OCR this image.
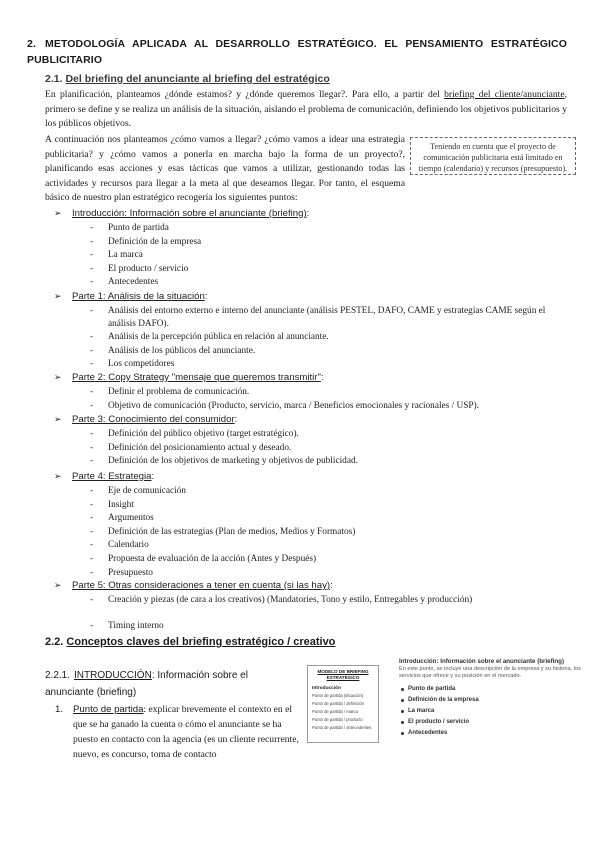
2. METODOLOGÍA APLICADA AL DESARROLLO ESTRATÉGICO. EL PENSAMIENTO ESTRATÉGICO PUBLICITARIO
2.1. Del briefing del anunciante al briefing del estratégico
En planificación, planteamos ¿dónde estamos? y ¿dónde queremos llegar?. Para ello, a partir del briefing del cliente/anunciante, primero se define y se realiza un análisis de la situación, aislando el problema de comunicación, definiendo los objetivos publicitarios y los públicos objetivos.
A continuación nos planteamos ¿cómo vamos a llegar? ¿cómo vamos a idear una estrategia publicitaria? y ¿cómo vamos a ponerla en marcha bajo la forma de un proyecto?, planificando esas acciones y esas tácticas que vamos a utilizar, gestionando todas las actividades y recursos para llegar a la meta al que deseamos llegar. Por tanto, el esquema básico de nuestro plan estratégico recogería los siguientes puntos:
Teniendo en cuenta que el proyecto de comunicación publicitaria está limitado en tiempo (calendario) y recursos (presupuesto).
➢ Introducción: Información sobre el anunciante (briefing):
- Punto de partida
- Definición de la empresa
- La marca
- El producto / servicio
- Antecedentes
➢ Parte 1: Análisis de la situación:
- Análisis del entorno externo e interno del anunciante (análisis PESTEL, DAFO, CAME y estrategias CAME según el análisis DAFO).
- Análisis de la percepción pública en relación al anunciante.
- Análisis de los públicos del anunciante.
- Los competidores
➢ Parte 2: Copy Strategy "mensaje que queremos transmitir":
- Definir el problema de comunicación.
- Objetivo de comunicación (Producto, servicio, marca / Beneficios emocionales y racionales / USP).
➢ Parte 3: Conocimiento del consumidor:
- Definición del público objetivo (target estratégico).
- Definición del posicionamiento actual y deseado.
- Definición de los objetivos de marketing y objetivos de publicidad.
➢ Parte 4: Estrategia:
- Eje de comunicación
- Insight
- Argumentos
- Definición de las estrategias (Plan de medios, Medios y Formatos)
- Calendario
- Propuesta de evaluación de la acción (Antes y Después)
- Presupuesto
➢ Parte 5: Otras consideraciones a tener en cuenta (si las hay):
- Creación y piezas (de cara a los creativos) (Mandatories, Tono y estilo, Entregables y producción)
- Timing interno
2.2. Conceptos claves del briefing estratégico / creativo
2.2.1. INTRODUCCIÓN: Información sobre el anunciante (briefing)
1.	Punto de partida: explicar brevemente el contexto en el que se ha ganado la cuenta o cómo el anunciante se ha puesto en contacto con la agencia (es un cliente recurrente, nuevo, es concurso, toma de contacto
MODELO DE BRIEFING ESTRATÉGICO
Introducción
Punto de partida (situación)
Punto de partida / definición
Punto de partida / marca
Punto de partida / producto
Punto de partida / antecedentes
Introducción: Información sobre el anunciante (briefing)
En este punto, se incluye una descripción de la empresa y su historia, los servicios que ofrece y su posición en el mercado.
Punto de partida
Definición de la empresa
La marca
El producto / servicio
Antecedentes
